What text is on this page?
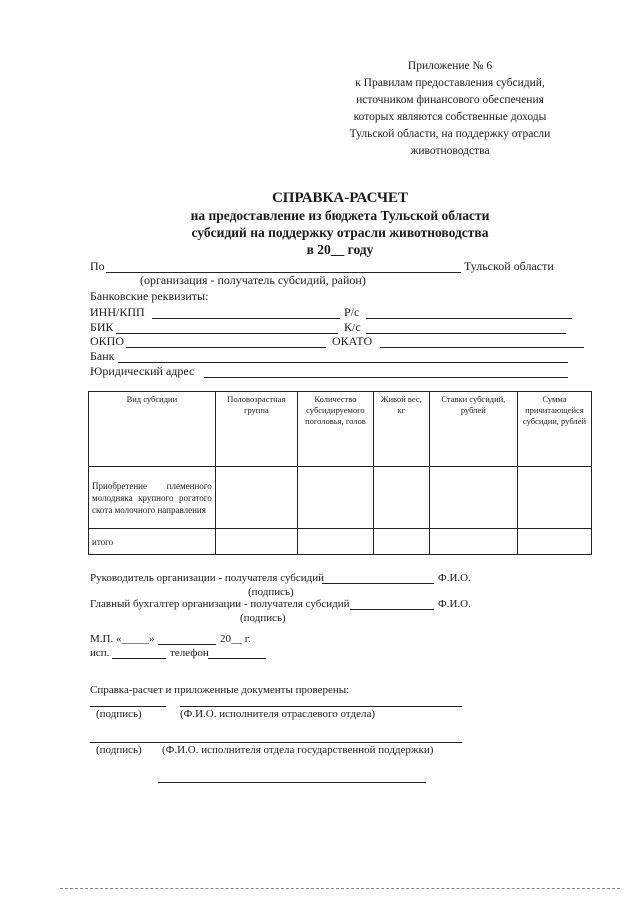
Приложение № 6
к Правилам предоставления субсидий,
источником финансового обеспечения
которых являются собственные доходы
Тульской области, на поддержку отрасли
животноводства
СПРАВКА-РАСЧЕТ
на предоставление из бюджета Тульской области
субсидий на поддержку отрасли животноводства
в 20__ году
По	Тульской области
(организация - получатель субсидий, район)
Банковские реквизиты:
ИНН/КПП	Р/с
БИК	К/с
ОКПО	ОКАТО
Банк
Юридический адрес
Вид субсидии	Половозрастная группа	Количество субсидируемого поголовья, голов	Живой вес, кг	Ставки субсидий, рублей	Сумма причитающейся субсидии, рублей
Приобретение племенного молодняка крупного рогатого скота молочного направления					
итого					
Руководитель организации - получателя субсидий	Ф.И.О.
(подпись)
Главный бухгалтер организации - получателя субсидий	Ф.И.О.
(подпись)
М.П. «_____»	20__ г.
исп.	телефон
Справка-расчет и приложенные документы проверены:
(подпись)	(Ф.И.О. исполнителя отраслевого отдела)
(подпись) (Ф.И.О. исполнителя отдела государственной поддержки)
